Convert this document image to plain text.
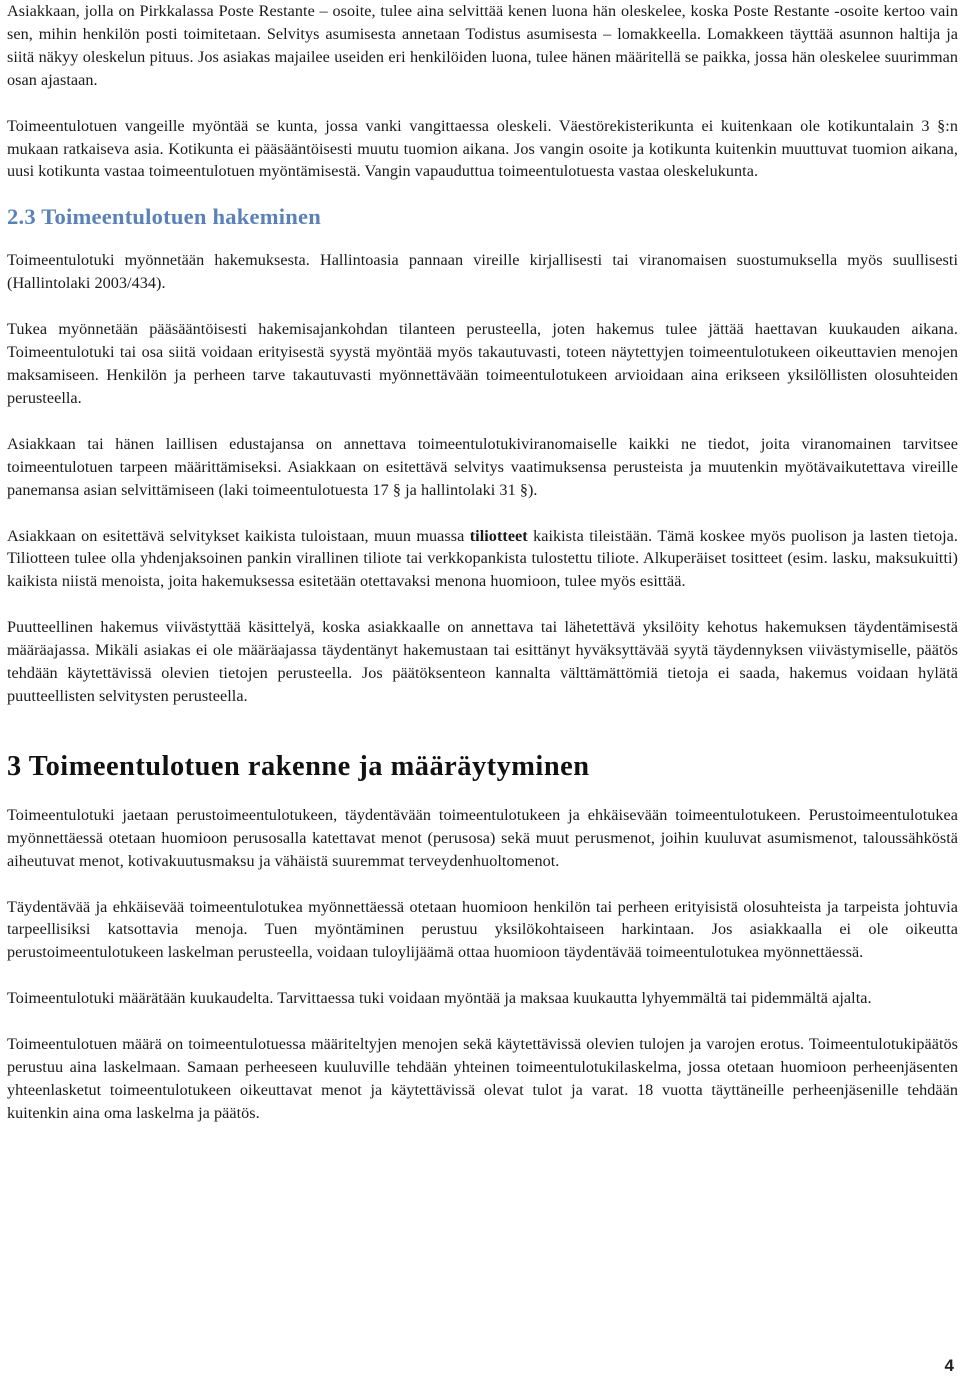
Asiakkaan, jolla on Pirkkalassa Poste Restante – osoite, tulee aina selvittää kenen luona hän oleskelee, koska Poste Restante -osoite kertoo vain sen, mihin henkilön posti toimitetaan. Selvitys asumisesta annetaan Todistus asumisesta – lomakkeella. Lomakkeen täyttää asunnon haltija ja siitä näkyy oleskelun pituus. Jos asiakas majailee useiden eri henkilöiden luona, tulee hänen määritellä se paikka, jossa hän oleskelee suurimman osan ajastaan.

Toimeentulotuen vangeille myöntää se kunta, jossa vanki vangittaessa oleskeli. Väestörekisterikunta ei kuitenkaan ole kotikuntalain 3 §:n mukaan ratkaiseva asia. Kotikunta ei pääsääntöisesti muutu tuomion aikana. Jos vangin osoite ja kotikunta kuitenkin muuttuvat tuomion aikana, uusi kotikunta vastaa toimeentulotuen myöntämisestä. Vangin vapauduttua toimeentulotuesta vastaa oleskelukunta.

2.3 Toimeentulotuen hakeminen

Toimeentulotuki myönnetään hakemuksesta. Hallintoasia pannaan vireille kirjallisesti tai viranomaisen suostumuksella myös suullisesti (Hallintolaki 2003/434).

Tukea myönnetään pääsääntöisesti hakemisajankohdan tilanteen perusteella, joten hakemus tulee jättää haettavan kuukauden aikana. Toimeentulotuki tai osa siitä voidaan erityisestä syystä myöntää myös takautuvasti, toteen näytettyjen toimeentulotukeen oikeuttavien menojen maksamiseen. Henkilön ja perheen tarve takautuvasti myönnettävään toimeentulotukeen arvioidaan aina erikseen yksilöllisten olosuhteiden perusteella.

Asiakkaan tai hänen laillisen edustajansa on annettava toimeentulotukiviranomaiselle kaikki ne tiedot, joita viranomainen tarvitsee toimeentulotuen tarpeen määrittämiseksi. Asiakkaan on esitettävä selvitys vaatimuksensa perusteista ja muutenkin myötävaikutettava vireille panemansa asian selvittämiseen (laki toimeentulotuesta 17 § ja hallintolaki 31 §).

Asiakkaan on esitettävä selvitykset kaikista tuloistaan, muun muassa tiliotteet kaikista tileistään. Tämä koskee myös puolison ja lasten tietoja. Tiliotteen tulee olla yhdenjaksoinen pankin virallinen tiliote tai verkkopankista tulostettu tiliote. Alkuperäiset tositteet (esim. lasku, maksukuitti) kaikista niistä menoista, joita hakemuksessa esitetään otettavaksi menona huomioon, tulee myös esittää.

Puutteellinen hakemus viivästyttää käsittelyä, koska asiakkaalle on annettava tai lähetettävä yksilöity kehotus hakemuksen täydentämisestä määräajassa. Mikäli asiakas ei ole määräajassa täydentänyt hakemustaan tai esittänyt hyväksyttävää syytä täydennyksen viivästymiselle, päätös tehdään käytettävissä olevien tietojen perusteella. Jos päätöksenteon kannalta välttämättömiä tietoja ei saada, hakemus voidaan hylätä puutteellisten selvitysten perusteella.

3 Toimeentulotuen rakenne ja määräytyminen

Toimeentulotuki jaetaan perustoimeentulotukeen, täydentävään toimeentulotukeen ja ehkäisevään toimeentulotukeen. Perustoimeentulotukea myönnettäessä otetaan huomioon perusosalla katettavat menot (perusosa) sekä muut perusmenot, joihin kuuluvat asumismenot, taloussähköstä aiheutuvat menot, kotivakuutusmaksu ja vähäistä suuremmat terveydenhuoltomenot.

Täydentävää ja ehkäisevää toimeentulotukea myönnettäessä otetaan huomioon henkilön tai perheen erityisistä olosuhteista ja tarpeista johtuvia tarpeellisiksi katsottavia menoja. Tuen myöntäminen perustuu yksilökohtaiseen harkintaan. Jos asiakkaalla ei ole oikeutta perustoimeentulotukeen laskelman perusteella, voidaan tuloylijäämä ottaa huomioon täydentävää toimeentulotukea myönnettäessä.

Toimeentulotuki määrätään kuukaudelta. Tarvittaessa tuki voidaan myöntää ja maksaa kuukautta lyhyemmältä tai pidemmältä ajalta.

Toimeentulotuen määrä on toimeentulotuessa määriteltyjen menojen sekä käytettävissä olevien tulojen ja varojen erotus. Toimeentulotukipäätös perustuu aina laskelmaan. Samaan perheeseen kuuluville tehdään yhteinen toimeentulotukilaskelma, jossa otetaan huomioon perheenjäsenten yhteenlasketut toimeentulotukeen oikeuttavat menot ja käytettävissä olevat tulot ja varat. 18 vuotta täyttäneille perheenjäsenille tehdään kuitenkin aina oma laskelma ja päätös.

4
